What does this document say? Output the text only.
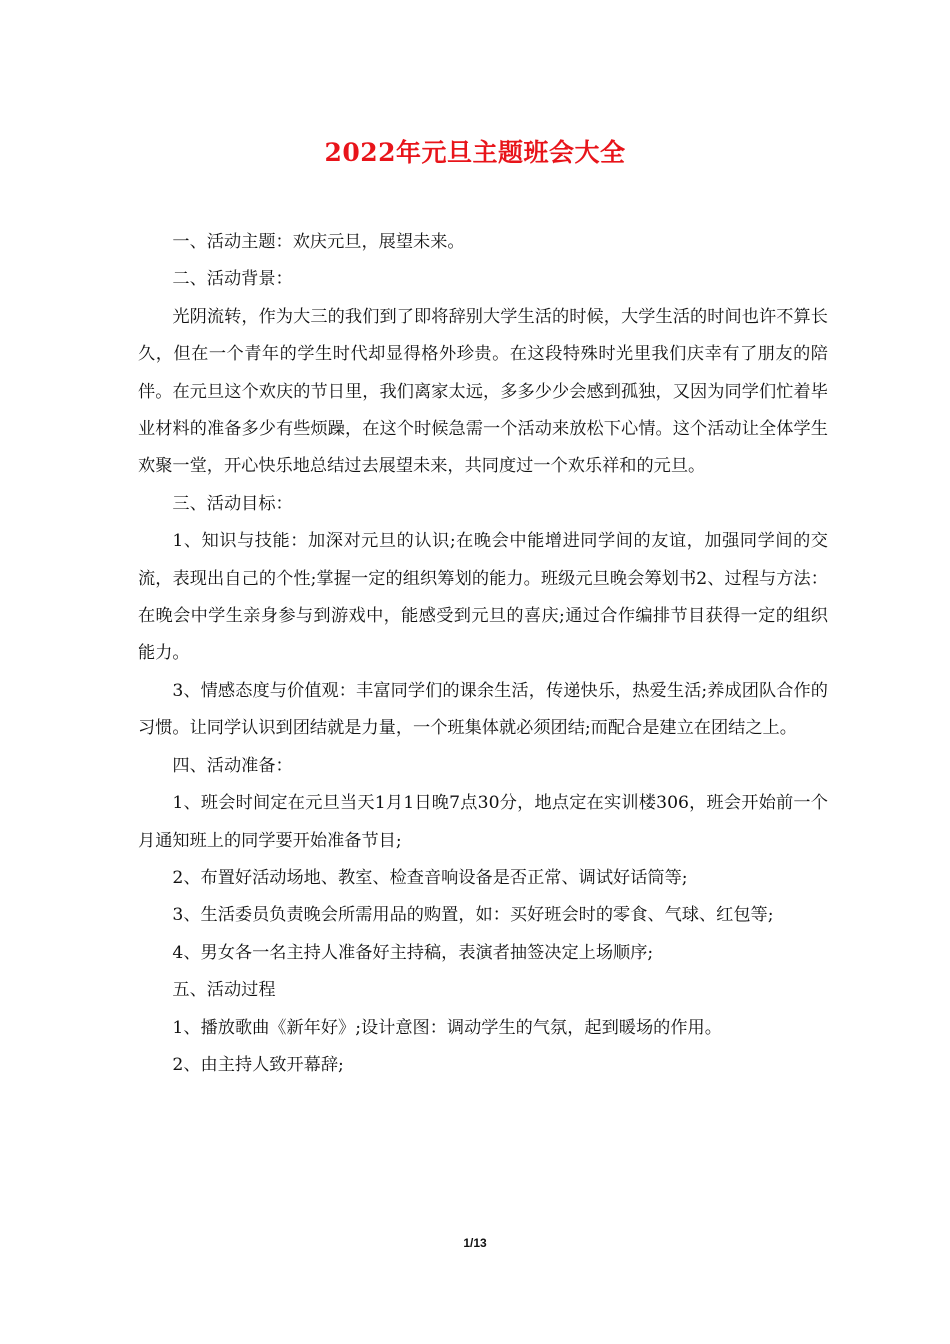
2022年元旦主题班会大全

一、活动主题：欢庆元旦，展望未来。

二、活动背景：

光阴流转，作为大三的我们到了即将辞别大学生活的时候，大学生活的时间也许不算长久，但在一个青年的学生时代却显得格外珍贵。在这段特殊时光里我们庆幸有了朋友的陪伴。在元旦这个欢庆的节日里，我们离家太远，多多少少会感到孤独，又因为同学们忙着毕业材料的准备多少有些烦躁，在这个时候急需一个活动来放松下心情。这个活动让全体学生欢聚一堂，开心快乐地总结过去展望未来，共同度过一个欢乐祥和的元旦。

三、活动目标：

1、知识与技能：加深对元旦的认识;在晚会中能增进同学间的友谊，加强同学间的交流，表现出自己的个性;掌握一定的组织筹划的能力。班级元旦晚会筹划书2、过程与方法：在晚会中学生亲身参与到游戏中，能感受到元旦的喜庆;通过合作编排节目获得一定的组织能力。

3、情感态度与价值观：丰富同学们的课余生活，传递快乐，热爱生活;养成团队合作的习惯。让同学认识到团结就是力量，一个班集体就必须团结;而配合是建立在团结之上。

四、活动准备：

1、班会时间定在元旦当天1月1日晚7点30分，地点定在实训楼306，班会开始前一个月通知班上的同学要开始准备节目;

2、布置好活动场地、教室、检查音响设备是否正常、调试好话筒等;

3、生活委员负责晚会所需用品的购置，如：买好班会时的零食、气球、红包等;

4、男女各一名主持人准备好主持稿，表演者抽签决定上场顺序;

五、活动过程

1、播放歌曲《新年好》;设计意图：调动学生的气氛，起到暖场的作用。

2、由主持人致开幕辞;

1/13
